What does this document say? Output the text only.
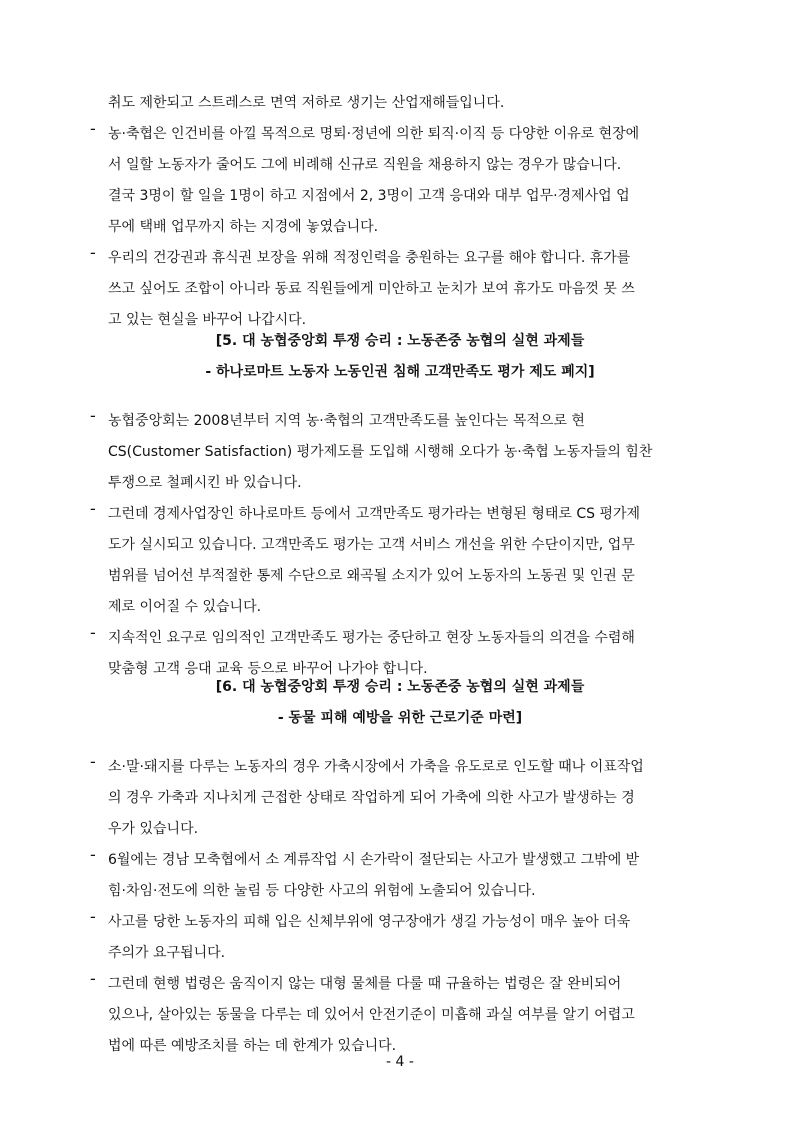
취도 제한되고 스트레스로 면역 저하로 생기는 산업재해들입니다.

- 농·축협은 인건비를 아낄 목적으로 명퇴·정년에 의한 퇴직·이직 등 다양한 이유로 현장에

서 일할 노동자가 줄어도 그에 비례해 신규로 직원을 채용하지 않는 경우가 많습니다.

결국 3명이 할 일을 1명이 하고 지점에서 2, 3명이 고객 응대와 대부 업무·경제사업 업

무에 택배 업무까지 하는 지경에 놓였습니다.

- 우리의 건강권과 휴식권 보장을 위해 적정인력을 충원하는 요구를 해야 합니다. 휴가를

쓰고 싶어도 조합이 아니라 동료 직원들에게 미안하고 눈치가 보여 휴가도 마음껏 못 쓰

고 있는 현실을 바꾸어 나갑시다.

[5. 대 농협중앙회 투쟁 승리 : 노동존중 농협의 실현 과제들

- 하나로마트 노동자 노동인권 침해 고객만족도 평가 제도 폐지]

- 농협중앙회는 2008년부터 지역 농·축협의 고객만족도를 높인다는 목적으로 현

CS(Customer Satisfaction) 평가제도를 도입해 시행해 오다가 농·축협 노동자들의 힘찬

투쟁으로 철폐시킨 바 있습니다.

- 그런데 경제사업장인 하나로마트 등에서 고객만족도 평가라는 변형된 형태로 CS 평가제

도가 실시되고 있습니다. 고객만족도 평가는 고객 서비스 개선을 위한 수단이지만, 업무

범위를 넘어선 부적절한 통제 수단으로 왜곡될 소지가 있어 노동자의 노동권 및 인권 문

제로 이어질 수 있습니다.

- 지속적인 요구로 임의적인 고객만족도 평가는 중단하고 현장 노동자들의 의견을 수렴해

맞춤형 고객 응대 교육 등으로 바꾸어 나가야 합니다.

[6. 대 농협중앙회 투쟁 승리 : 노동존중 농협의 실현 과제들

- 동물 피해 예방을 위한 근로기준 마련]

- 소·말·돼지를 다루는 노동자의 경우 가축시장에서 가축을 유도로로 인도할 때나 이표작업

의 경우 가축과 지나치게 근접한 상태로 작업하게 되어 가축에 의한 사고가 발생하는 경

우가 있습니다.

- 6월에는 경남 모축협에서 소 계류작업 시 손가락이 절단되는 사고가 발생했고 그밖에 받

힘·차임·전도에 의한 눌림 등 다양한 사고의 위험에 노출되어 있습니다.

- 사고를 당한 노동자의 피해 입은 신체부위에 영구장애가 생길 가능성이 매우 높아 더욱

주의가 요구됩니다.

- 그런데 현행 법령은 움직이지 않는 대형 물체를 다룰 때 규율하는 법령은 잘 완비되어

있으나, 살아있는 동물을 다루는 데 있어서 안전기준이 미흡해 과실 여부를 알기 어렵고

법에 따른 예방조치를 하는 데 한계가 있습니다.

- 4 -
